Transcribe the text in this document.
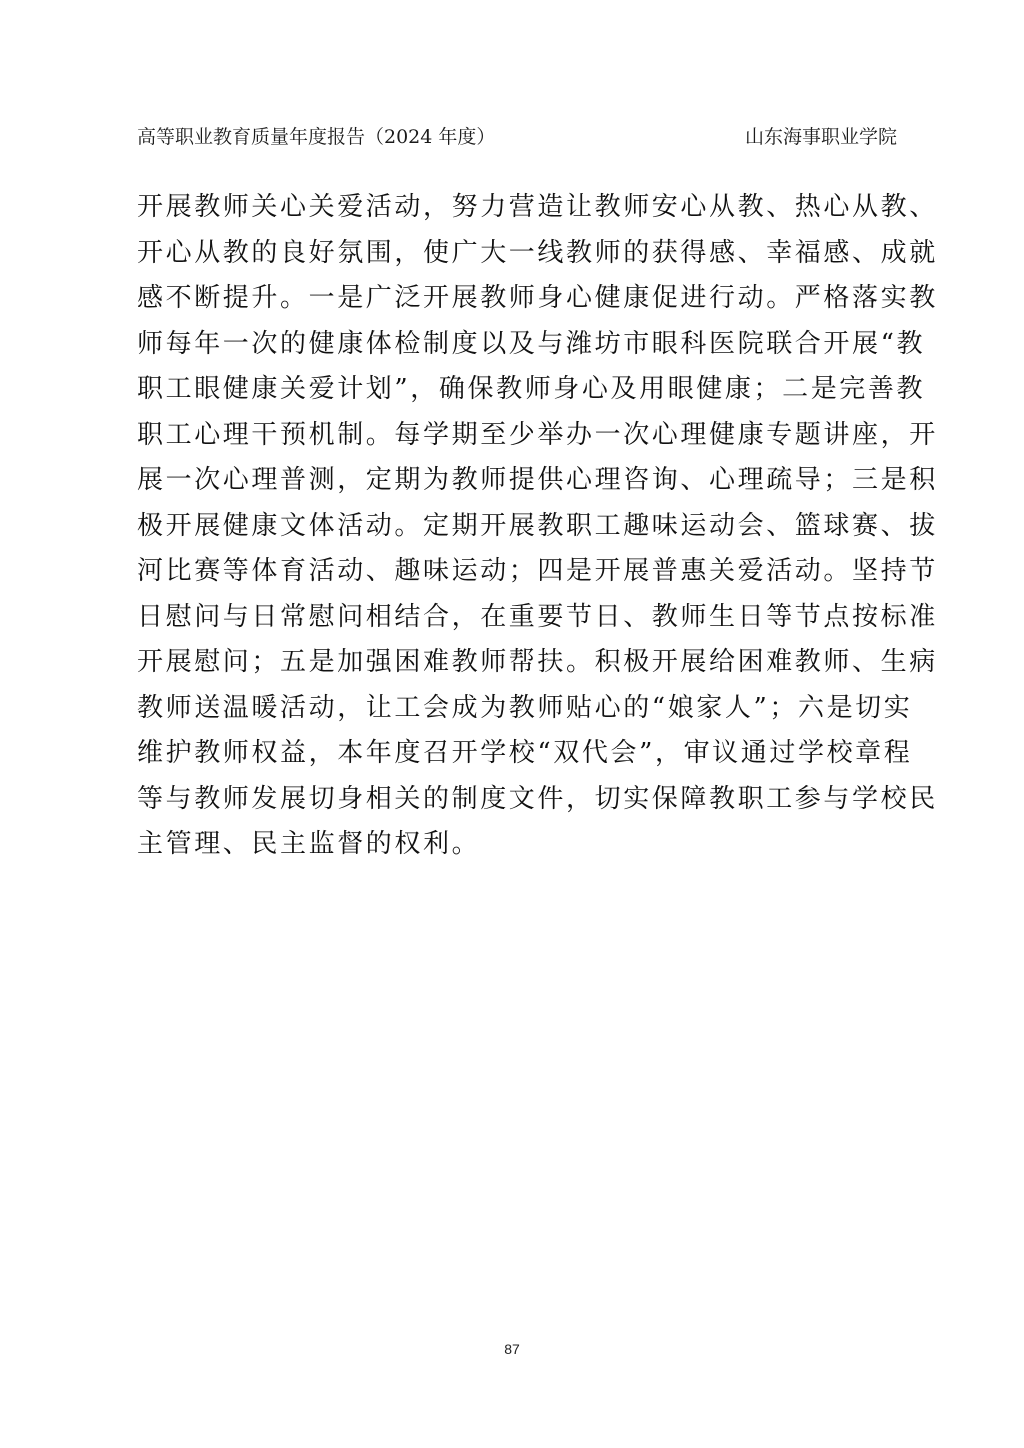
高等职业教育质量年度报告（2024 年度）	山东海事职业学院
开展教师关心关爱活动，努力营造让教师安心从教、热心从教、
开心从教的良好氛围，使广大一线教师的获得感、幸福感、成就
感不断提升。一是广泛开展教师身心健康促进行动。严格落实教
师每年一次的健康体检制度以及与潍坊市眼科医院联合开展“教
职工眼健康关爱计划”，确保教师身心及用眼健康；二是完善教
职工心理干预机制。每学期至少举办一次心理健康专题讲座，开
展一次心理普测，定期为教师提供心理咨询、心理疏导；三是积
极开展健康文体活动。定期开展教职工趣味运动会、篮球赛、拔
河比赛等体育活动、趣味运动；四是开展普惠关爱活动。坚持节
日慰问与日常慰问相结合，在重要节日、教师生日等节点按标准
开展慰问；五是加强困难教师帮扶。积极开展给困难教师、生病
教师送温暖活动，让工会成为教师贴心的“娘家人”；六是切实
维护教师权益，本年度召开学校“双代会”，审议通过学校章程
等与教师发展切身相关的制度文件，切实保障教职工参与学校民
主管理、民主监督的权利。
87
